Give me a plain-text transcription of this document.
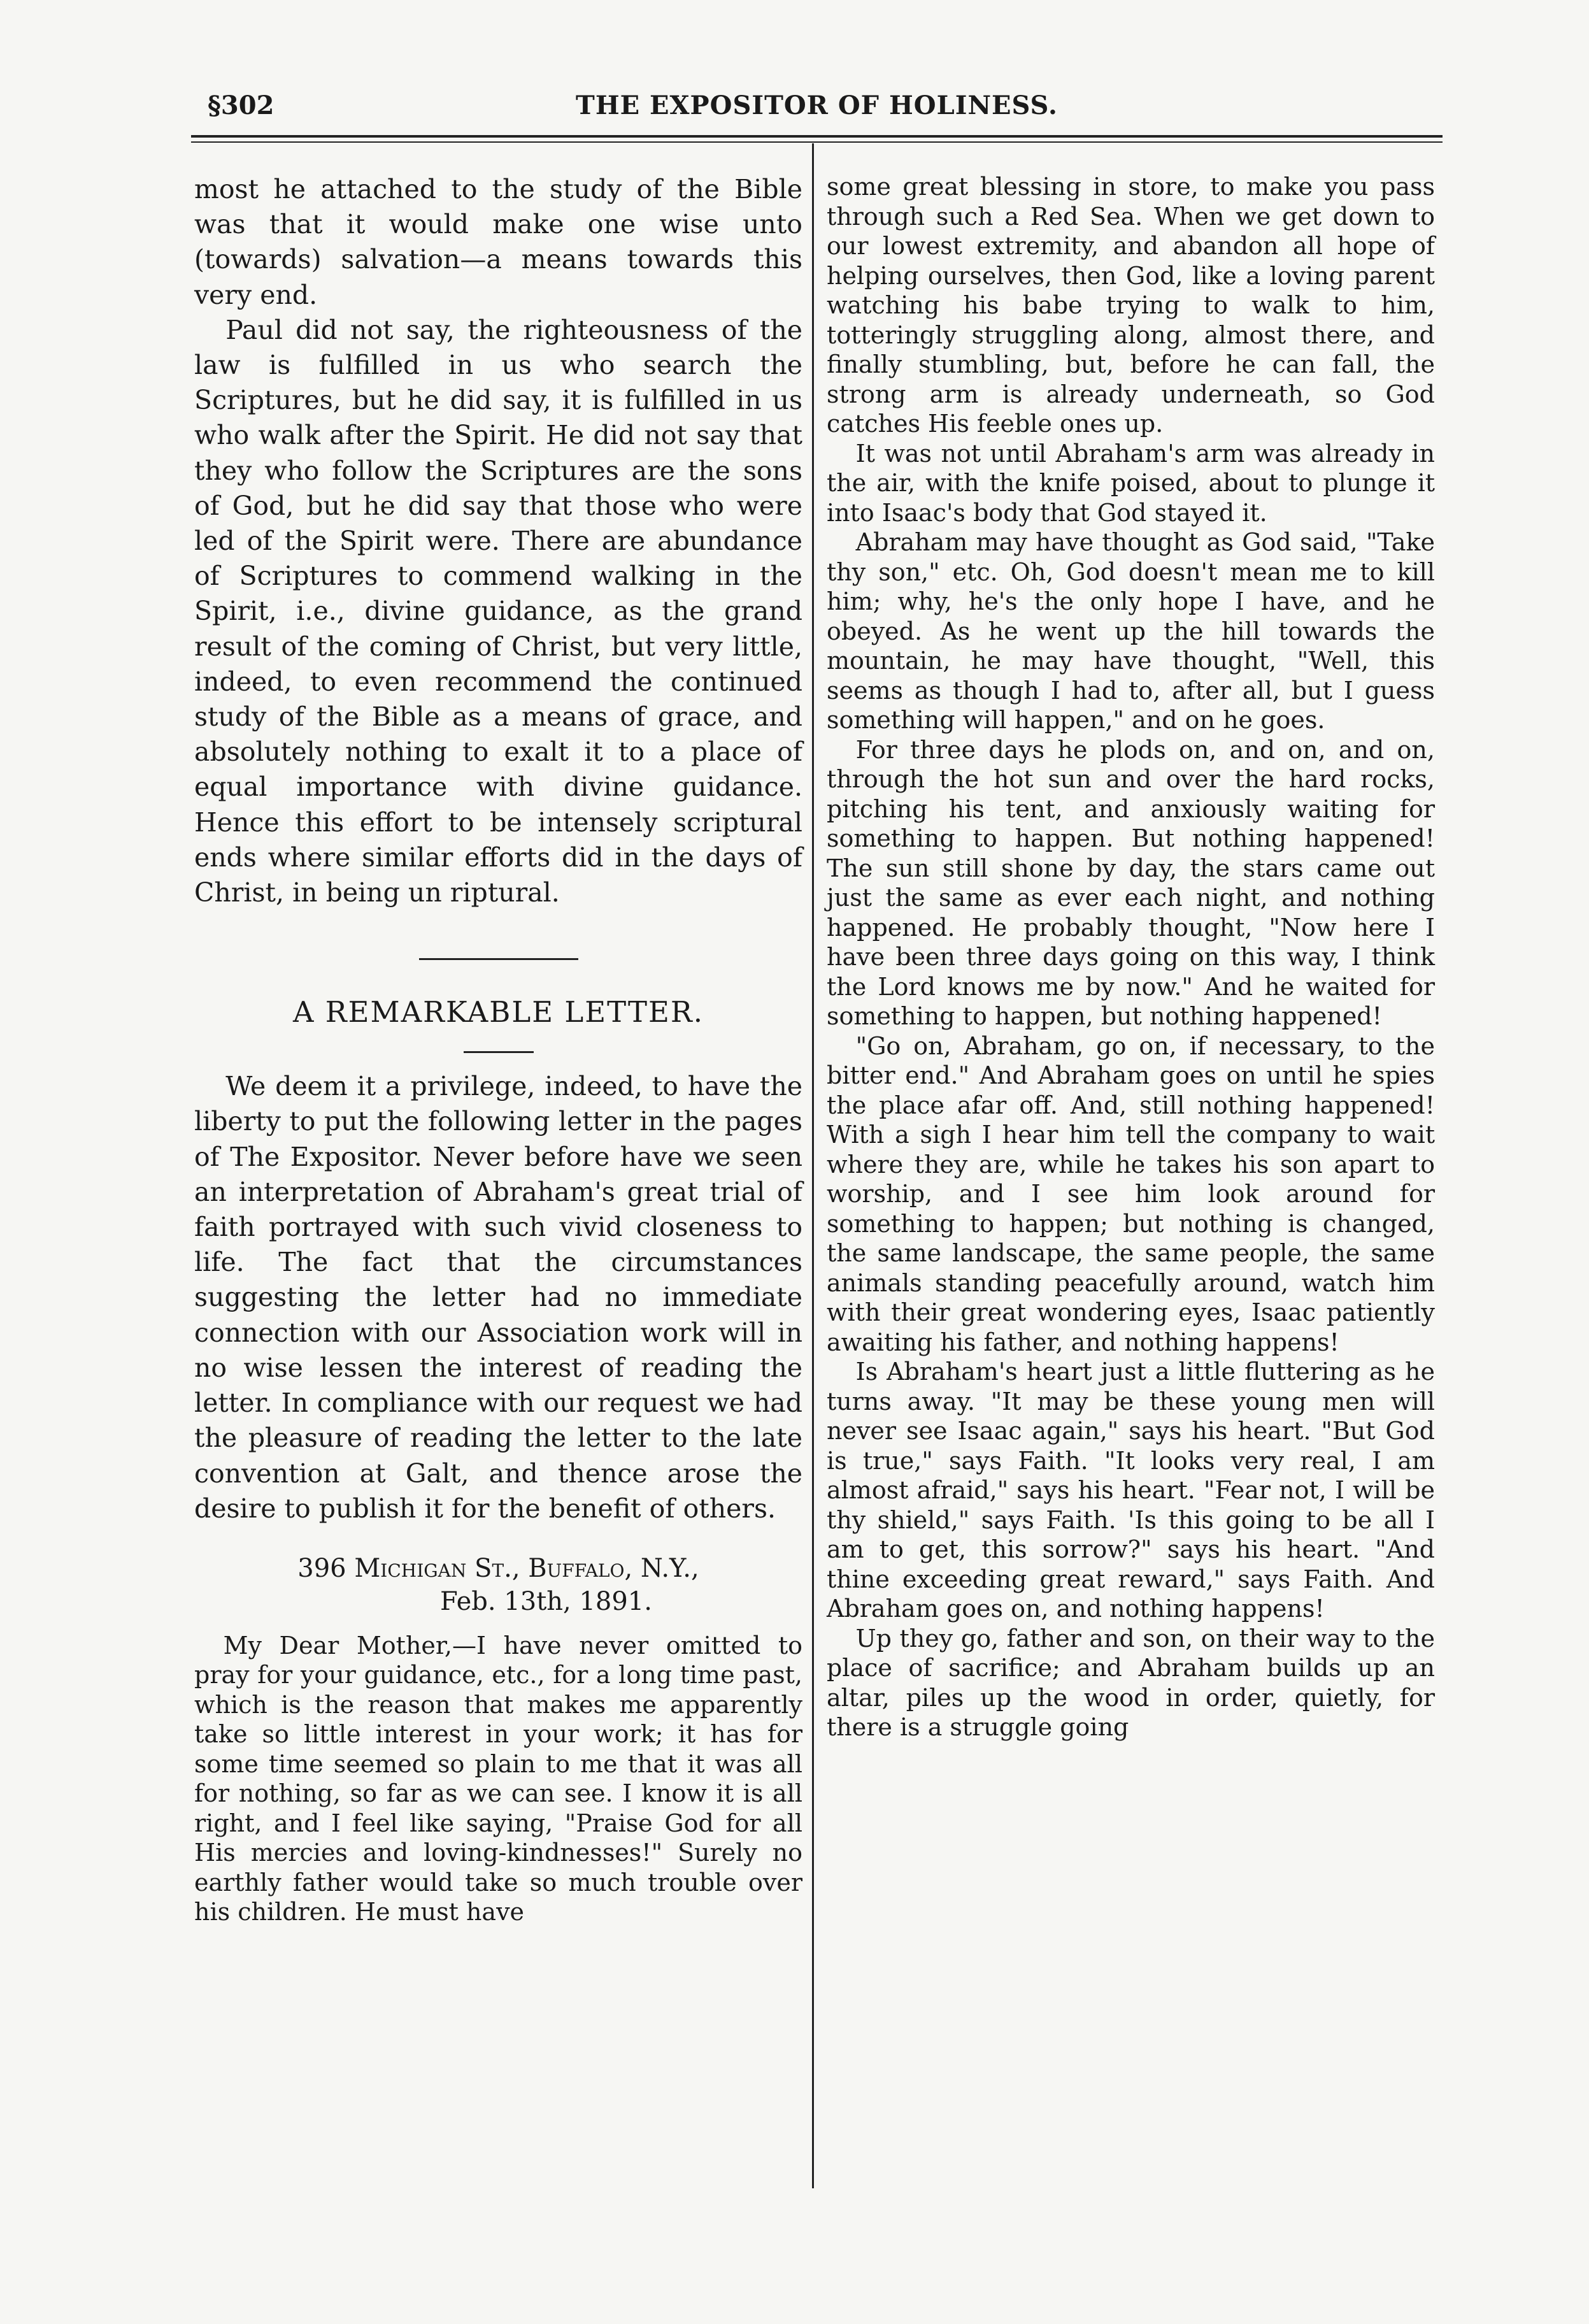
§302	THE EXPOSITOR OF HOLINESS.

most he attached to the study of the Bible was that it would make one wise unto (towards) salvation—a means towards this very end.

Paul did not say, the righteousness of the law is fulfilled in us who search the Scriptures, but he did say, it is fulfilled in us who walk after the Spirit. He did not say that they who follow the Scriptures are the sons of God, but he did say that those who were led of the Spirit were. There are abundance of Scriptures to commend walking in the Spirit, i.e., divine guidance, as the grand result of the coming of Christ, but very little, indeed, to even recommend the continued study of the Bible as a means of grace, and absolutely nothing to exalt it to a place of equal importance with divine guidance. Hence this effort to be intensely scriptural ends where similar efforts did in the days of Christ, in being un riptural.

A REMARKABLE LETTER.

We deem it a privilege, indeed, to have the liberty to put the following letter in the pages of The Expositor. Never before have we seen an interpretation of Abraham's great trial of faith portrayed with such vivid closeness to life. The fact that the circumstances suggesting the letter had no immediate connection with our Association work will in no wise lessen the interest of reading the letter. In compliance with our request we had the pleasure of reading the letter to the late convention at Galt, and thence arose the desire to publish it for the benefit of others.

396 Michigan St., Buffalo, N.Y.,
Feb. 13th, 1891.

My Dear Mother,—I have never omitted to pray for your guidance, etc., for a long time past, which is the reason that makes me apparently take so little interest in your work; it has for some time seemed so plain to me that it was all for nothing, so far as we can see. I know it is all right, and I feel like saying, "Praise God for all His mercies and loving-kindnesses!" Surely no earthly father would take so much trouble over his children. He must have

some great blessing in store, to make you pass through such a Red Sea. When we get down to our lowest extremity, and abandon all hope of helping ourselves, then God, like a loving parent watching his babe trying to walk to him, totteringly struggling along, almost there, and finally stumbling, but, before he can fall, the strong arm is already underneath, so God catches His feeble ones up.

It was not until Abraham's arm was already in the air, with the knife poised, about to plunge it into Isaac's body that God stayed it.

Abraham may have thought as God said, "Take thy son," etc. Oh, God doesn't mean me to kill him; why, he's the only hope I have, and he obeyed. As he went up the hill towards the mountain, he may have thought, "Well, this seems as though I had to, after all, but I guess something will happen," and on he goes.

For three days he plods on, and on, and on, through the hot sun and over the hard rocks, pitching his tent, and anxiously waiting for something to happen. But nothing happened! The sun still shone by day, the stars came out just the same as ever each night, and nothing happened. He probably thought, "Now here I have been three days going on this way, I think the Lord knows me by now." And he waited for something to happen, but nothing happened!

"Go on, Abraham, go on, if necessary, to the bitter end." And Abraham goes on until he spies the place afar off. And, still nothing happened! With a sigh I hear him tell the company to wait where they are, while he takes his son apart to worship, and I see him look around for something to happen; but nothing is changed, the same landscape, the same people, the same animals standing peacefully around, watch him with their great wondering eyes, Isaac patiently awaiting his father, and nothing happens!

Is Abraham's heart just a little fluttering as he turns away. "It may be these young men will never see Isaac again," says his heart. "But God is true," says Faith. "It looks very real, I am almost afraid," says his heart. "Fear not, I will be thy shield," says Faith. 'Is this going to be all I am to get, this sorrow?" says his heart. "And thine exceeding great reward," says Faith. And Abraham goes on, and nothing happens!

Up they go, father and son, on their way to the place of sacrifice; and Abraham builds up an altar, piles up the wood in order, quietly, for there is a struggle going
